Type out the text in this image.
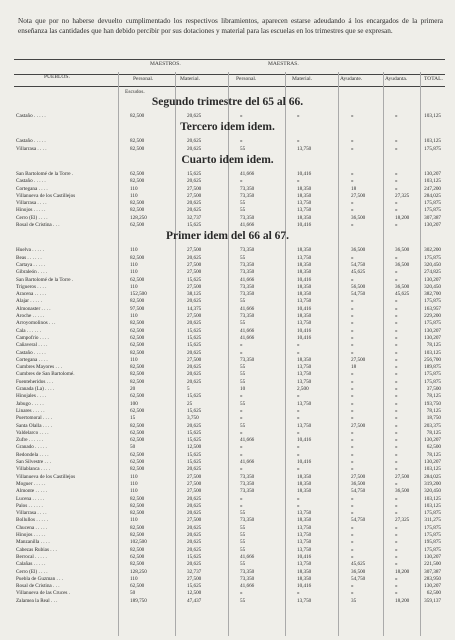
Nota que por no haberse devuelto cumplimentado los respectivos libramientos, aparecen estarse adeudando á los encargados de la primera enseñanza las cantidades que han debido percibir por sus dotaciones y material para las escuelas en los trimestres que se expresan.
MAESTROS.	MAESTRAS.
PUEBLOS.	Personal.	Material.	Personal.	Material.	Ayudante.	Ayudanta.	TOTAL.
Escudos.
Segundo trimestre del 65 al 66.
Castaño . . . . .	82,500	20,625	»	»	»	»	103,125
Tercero idem idem.
Castaño . . . . .	82,500	20,625	»	»	»	»	103,125
Villarrasa . . . .	82,500	20,625	55	13,750	»	»	175,875
Cuarto idem idem.
San Bartolomé de la Torre .	62,500	15,625	41,666	10,416	»	»	130,207
Castaño . . . . .	82,500	20,625	»	»	»	»	103,125
Cortegana . . . .	110	27,500	73,350	18,350	18	»	247,200
Villanueva de los Castillejos	110	27,500	73,350	18,350	27,500	27,325	284,025
Villarrasa . . . .	82,500	20,625	55	13,750	»	»	175,875
Hinojos . . . . .	82,500	20,625	55	13,750	»	»	175,875
Cerro (El) . . . .	128,250	32,737	73,350	18,350	36,500	18,200	307,387
Rosal de Cristina . . .	62,500	15,625	41,666	10,416	»	»	130,207
Primer idem del 66 al 67.
Huelva . . . . .	110	27,500	73,350	18,350	36,500	36,500	302,200
Beas . . . . . .	82,500	20,625	55	13,750	»	»	175,875
Cartaya . . . . .	110	27,500	73,350	18,350	54,750	36,500	320,450
Gibraleón . . . .	110	27,500	73,350	18,350	45,625	»	274,825
San Bartolomé de la Torre .	62,500	15,625	41,666	10,416	»	»	130,207
Trigueros . . . .	110	27,500	73,350	18,350	56,500	36,500	320,450
Aracena . . . . .	152,500	38,125	73,350	18,350	54,750	45,625	382,700
Alajar . . . . .	82,500	20,625	55	13,750	»	»	175,875
Almonaster . . . .	97,500	14,375	41,666	10,416	»	»	163,957
Aroche . . . . .	110	27,500	73,350	18,350	»	»	229,200
Arroyomolinos . . .	82,500	20,625	55	13,750	»	»	175,875
Cala . . . . . .	62,500	15,625	41,666	10,416	»	»	130,207
Campofrio . . . .	62,500	15,625	41,666	10,416	»	»	130,207
Cañaveral . . . .	62,500	15,625	»	»	»	»	78,125
Castaño . . . . .	82,500	20,625	»	»	»	»	103,125
Cortegana . . . .	110	27,500	73,350	18,350	27,500	»	256,700
Cumbres Mayores . . .	82,500	20,625	55	13,750	18	»	189,875
Cumbres de San Bartolomé.	82,500	20,625	55	13,750	»	»	175,875
Fuenteheridos . . .	82,500	20,625	55	13,750	»	»	175,875
Granada (La) . . . .	20	5	10	2,500	»	»	37,500
Hinojales . . . .	62,500	15,625	»	»	»	»	78,125
Jabugo . . . . .	100	25	55	13,750	»	»	193,750
Linares . . . . .	62,500	15,625	»	»	»	»	78,125
Puertomoral . . . .	15	3,750	»	»	»	»	18,750
Santa Olalla . . . .	82,500	20,625	55	13,750	27,500	»	203,375
Valdelarco . . . .	62,500	15,625	»	»	»	»	78,125
Zufre . . . . . .	62,500	15,625	41,666	10,416	»	»	130,207
Granado . . . . .	50	12,500	»	»	»	»	62,500
Redondela . . . .	62,500	15,625	»	»	»	»	78,125
San Silvestre . . .	62,500	15,625	41,666	10,416	»	»	130,207
Villablanca . . . .	82,500	20,625	»	»	»	»	103,125
Villanueva de los Castillejos	110	27,500	73,350	18,350	27,500	27,500	284,025
Moguer . . . . .	110	27,500	73,350	18,350	36,500	»	319,200
Almonte . . . . .	110	27,500	73,350	18,350	54,750	36,500	320,450
Lucena . . . . .	82,500	20,625	»	»	»	»	103,125
Palos . . . . . .	82,500	20,625	»	»	»	»	103,125
Villarrasa . . . .	82,500	20,625	55	13,750	»	»	175,875
Bollullos . . . . .	110	27,500	73,350	18,350	54,750	27,325	311,275
Chucena . . . . .	82,500	20,625	55	13,750	»	»	175,875
Hinojos . . . . .	82,500	20,625	55	13,750	»	»	175,875
Manzanilla . . . .	102,500	20,625	55	13,750	»	»	195,875
Cabezas Rubias . . .	82,500	20,625	55	13,750	»	»	175,875
Berrocal . . . . .	62,500	15,625	41,666	10,416	»	»	130,207
Calañas . . . . .	82,500	20,625	55	13,750	45,625	»	221,500
Cerro (El) . . . .	128,250	32,737	73,350	18,350	36,500	18,200	307,387
Puebla de Guzman . . .	110	27,500	73,350	18,350	54,750	»	283,950
Rosal de Cristina . . .	62,500	15,625	41,666	10,416	»	»	130,207
Villanueva de las Cruces .	50	12,500	»	»	»	»	62,500
Zalamea la Real . . .	189,750	47,437	55	13,750	35	18,200	359,137
